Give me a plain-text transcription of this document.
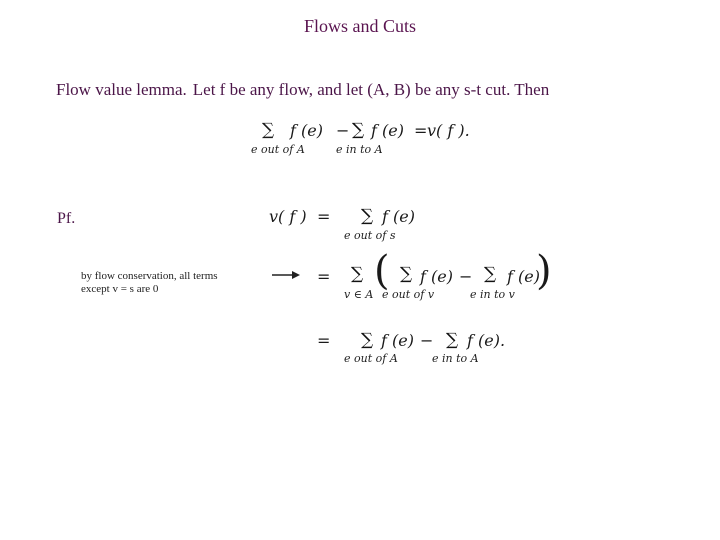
Flows and Cuts
Flow value lemma. Let f be any flow, and let (A, B) be any s-t cut. Then
∑ f (e) − ∑ f (e) = v( f ).
e out of A	e in to A
Pf.	v( f ) = ∑ f (e)
e out of s
by flow conservation, all terms
except v = s are 0
= ∑
v ∈ A
( ∑ f (e) − ∑ f (e)
)
e out of v	e in to v
= ∑ f (e) − ∑ f (e).
e out of A	e in to A
